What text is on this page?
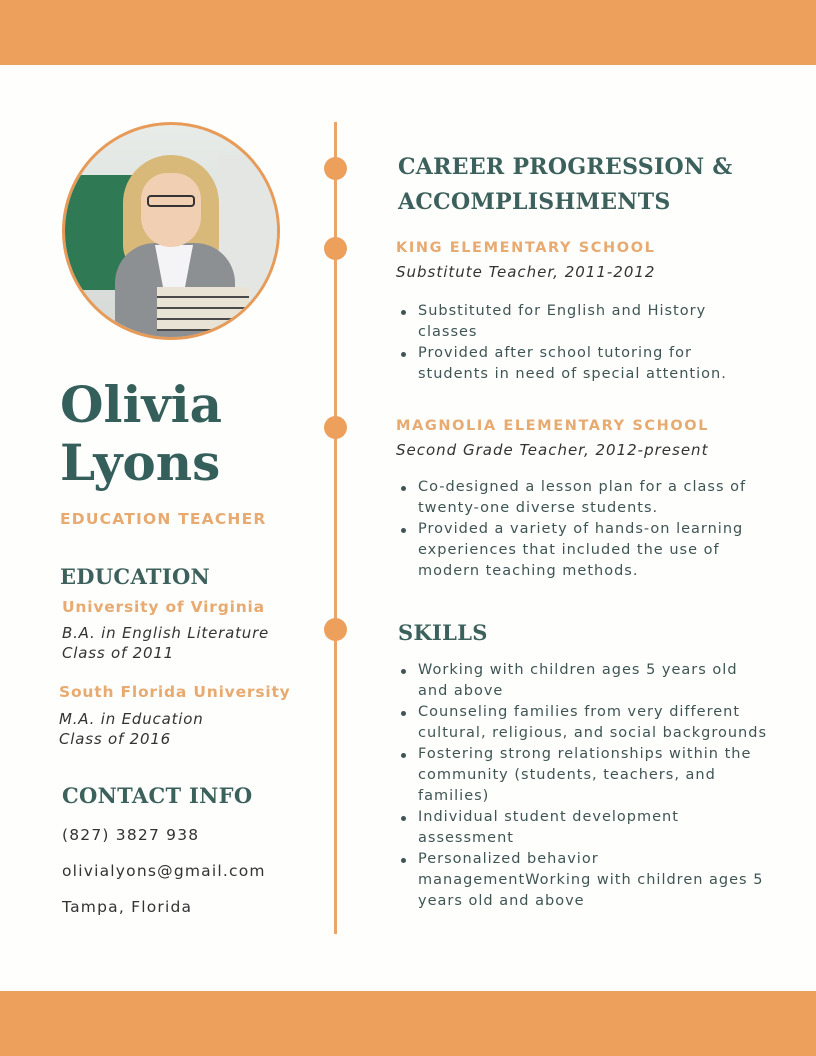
Olivia
Lyons
EDUCATION TEACHER
EDUCATION
University of Virginia
B.A. in English Literature
Class of 2011
South Florida University
M.A. in Education
Class of 2016
CONTACT INFO
(827) 3827 938
olivialyons@gmail.com
Tampa, Florida
CAREER PROGRESSION &
ACCOMPLISHMENTS
KING ELEMENTARY SCHOOL
Substitute Teacher, 2011-2012
Substituted for English and History classes
Provided after school tutoring for students in need of special attention.
MAGNOLIA ELEMENTARY SCHOOL
Second Grade Teacher, 2012-present
Co-designed a lesson plan for a class of twenty-one diverse students.
Provided a variety of hands-on learning experiences that included the use of modern teaching methods.
SKILLS
Working with children ages 5 years old and above
Counseling families from very different cultural, religious, and social backgrounds
Fostering strong relationships within the community (students, teachers, and families)
Individual student development assessment
Personalized behavior managementWorking with children ages 5 years old and above
